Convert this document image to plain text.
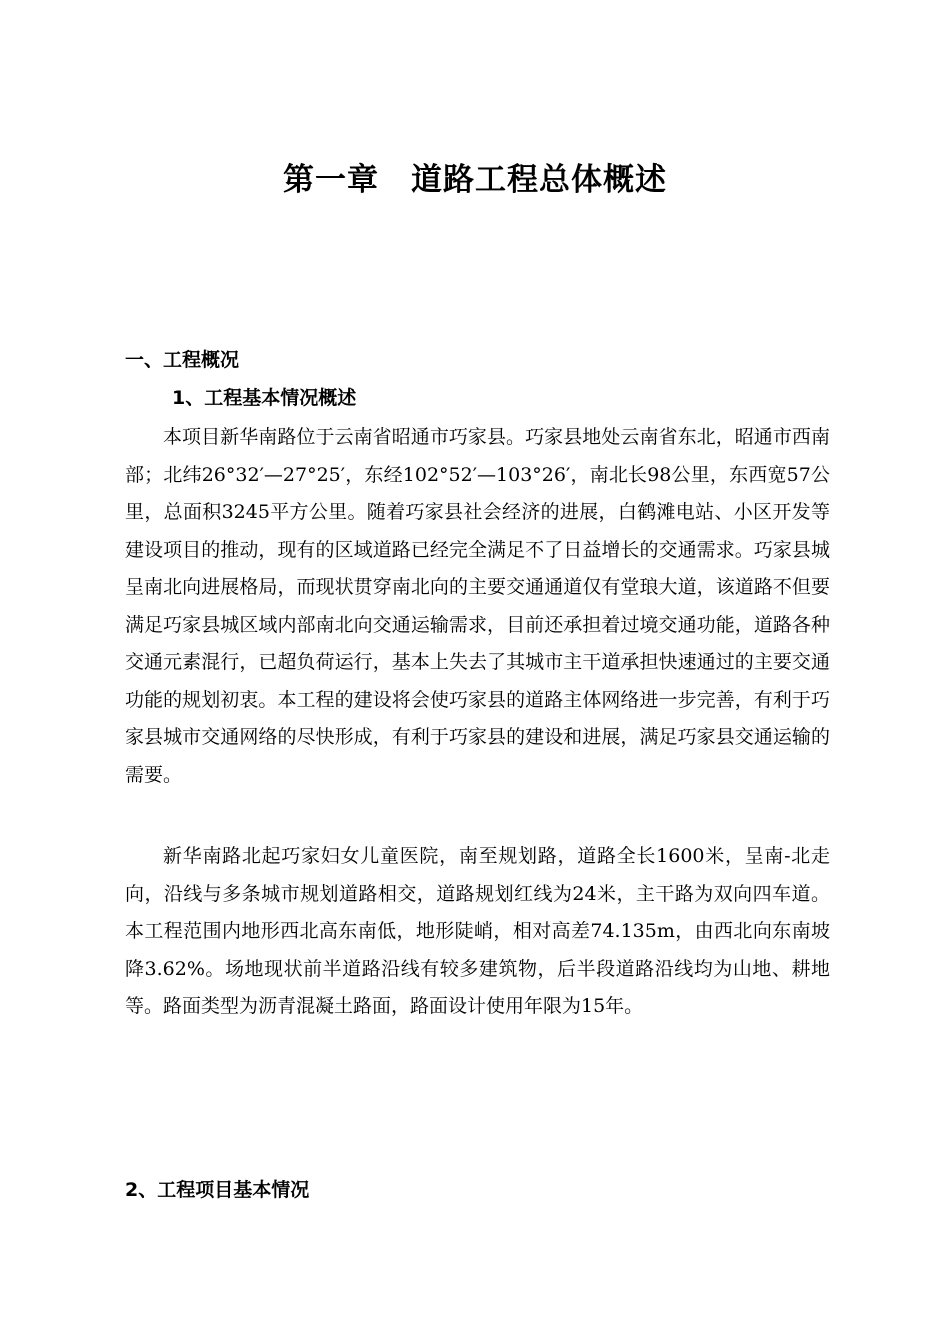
第一章　道路工程总体概述
一、工程概况
1、工程基本情况概述

本项目新华南路位于云南省昭通市巧家县。巧家县地处云南省东北，昭通市西南部；北纬26°32′—27°25′，东经102°52′—103°26′，南北长98公里，东西宽57公里，总面积3245平方公里。随着巧家县社会经济的进展，白鹤滩电站、小区开发等建设项目的推动，现有的区域道路已经完全满足不了日益增长的交通需求。巧家县城呈南北向进展格局，而现状贯穿南北向的主要交通通道仅有堂琅大道，该道路不但要满足巧家县城区域内部南北向交通运输需求，目前还承担着过境交通功能，道路各种交通元素混行，已超负荷运行，基本上失去了其城市主干道承担快速通过的主要交通功能的规划初衷。本工程的建设将会使巧家县的道路主体网络进一步完善，有利于巧家县城市交通网络的尽快形成，有利于巧家县的建设和进展，满足巧家县交通运输的需要。

新华南路北起巧家妇女儿童医院，南至规划路，道路全长1600米，呈南-北走向，沿线与多条城市规划道路相交，道路规划红线为24米，主干路为双向四车道。本工程范围内地形西北高东南低，地形陡峭，相对高差74.135m，由西北向东南坡降3.62%。场地现状前半道路沿线有较多建筑物，后半段道路沿线均为山地、耕地等。路面类型为沥青混凝土路面，路面设计使用年限为15年。

2、工程项目基本情况
